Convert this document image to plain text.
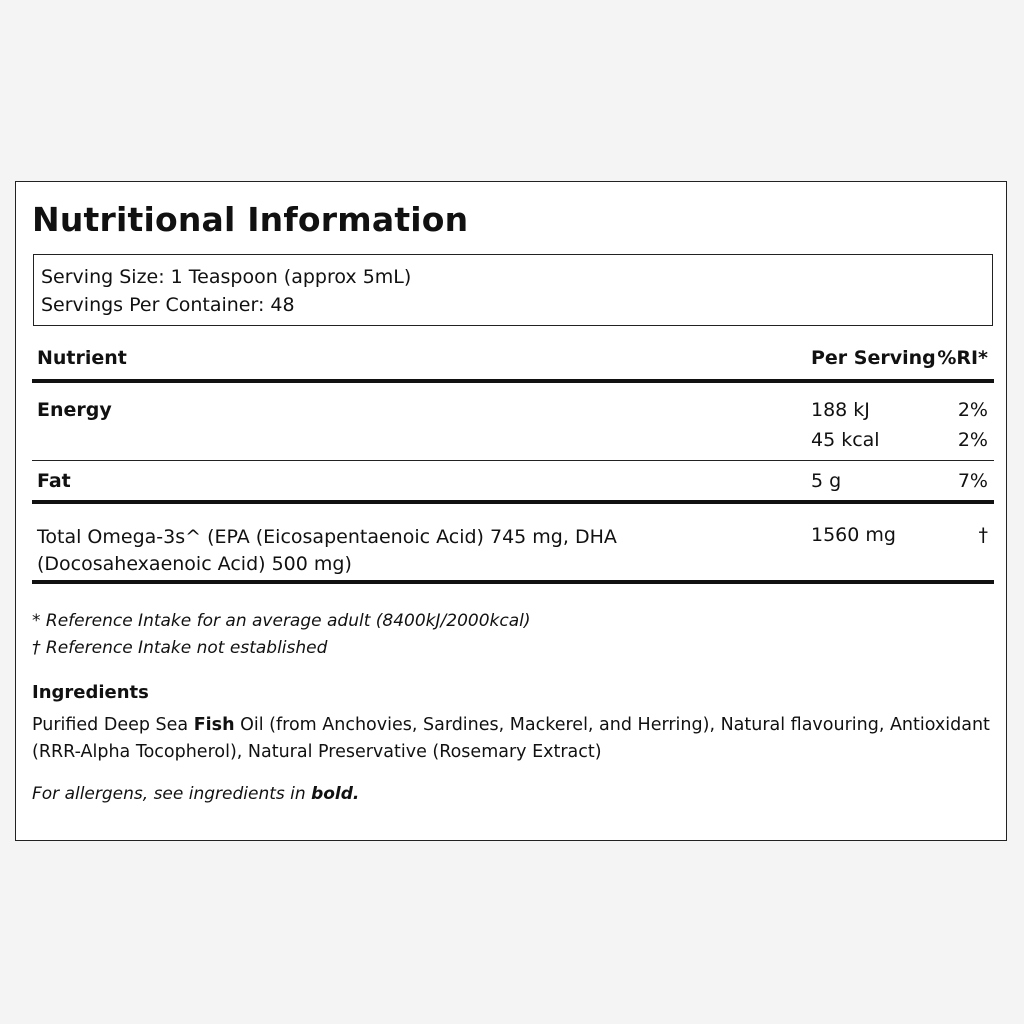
Nutritional Information
Serving Size: 1 Teaspoon (approx 5mL)
Servings Per Container: 48
Nutrient	Per Serving %RI*
Energy	188 kJ	2%
45 kcal	2%
Fat	5 g	7%
Total Omega-3s^ (EPA (Eicosapentaenoic Acid) 745 mg, DHA (Docosahexaenoic Acid) 500 mg)
1560 mg	†
* Reference Intake for an average adult (8400kJ/2000kcal)
† Reference Intake not established
Ingredients
Purified Deep Sea Fish Oil (from Anchovies, Sardines, Mackerel, and Herring), Natural flavouring, Antioxidant (RRR-Alpha Tocopherol), Natural Preservative (Rosemary Extract)
For allergens, see ingredients in bold.
